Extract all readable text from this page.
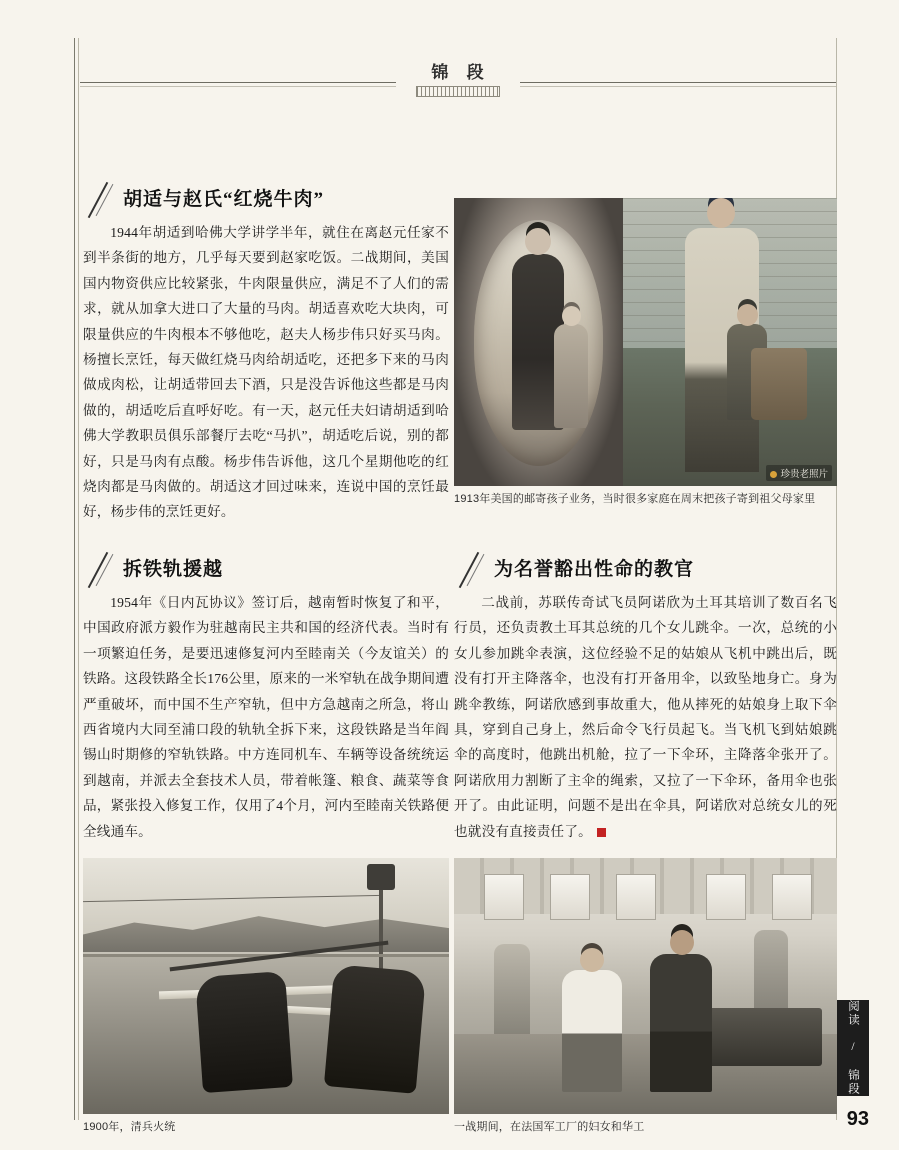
锦 段
胡适与赵氏“红烧牛肉”
1944年胡适到哈佛大学讲学半年，就住在离赵元任家不到半条街的地方，几乎每天要到赵家吃饭。二战期间，美国国内物资供应比较紧张，牛肉限量供应，满足不了人们的需求，就从加拿大进口了大量的马肉。胡适喜欢吃大块肉，可限量供应的牛肉根本不够他吃，赵夫人杨步伟只好买马肉。杨擅长烹饪，每天做红烧马肉给胡适吃，还把多下来的马肉做成肉松，让胡适带回去下酒，只是没告诉他这些都是马肉做的，胡适吃后直呼好吃。有一天，赵元任夫妇请胡适到哈佛大学教职员俱乐部餐厅去吃“马扒”，胡适吃后说，别的都好，只是马肉有点酸。杨步伟告诉他，这几个星期他吃的红烧肉都是马肉做的。胡适这才回过味来，连说中国的烹饪最好，杨步伟的烹饪更好。
珍贵老照片
1913年美国的邮寄孩子业务，当时很多家庭在周末把孩子寄到祖父母家里
拆铁轨援越
1954年《日内瓦协议》签订后，越南暂时恢复了和平，中国政府派方毅作为驻越南民主共和国的经济代表。当时有一项繁迫任务，是要迅速修复河内至睦南关（今友谊关）的铁路。这段铁路全长176公里，原来的一米窄轨在战争期间遭严重破坏，而中国不生产窄轨，但中方急越南之所急，将山西省境内大同至浦口段的轨轨全拆下来，这段铁路是当年阎锡山时期修的窄轨铁路。中方连同机车、车辆等设备统统运到越南，并派去全套技术人员，带着帐篷、粮食、蔬菜等食品，紧张投入修复工作，仅用了4个月，河内至睦南关铁路便全线通车。
为名誉豁出性命的教官
二战前，苏联传奇试飞员阿诺欣为土耳其培训了数百名飞行员，还负责教土耳其总统的几个女儿跳伞。一次，总统的小女儿参加跳伞表演，这位经验不足的姑娘从飞机中跳出后，既没有打开主降落伞，也没有打开备用伞，以致坠地身亡。身为跳伞教练，阿诺欣感到事故重大，他从摔死的姑娘身上取下伞具，穿到自己身上，然后命令飞行员起飞。当飞机飞到姑娘跳伞的高度时，他跳出机舱，拉了一下伞环，主降落伞张开了。阿诺欣用力割断了主伞的绳索，又拉了一下伞环，备用伞也张开了。由此证明，问题不是出在伞具，阿诺欣对总统女儿的死也就没有直接责任了。
1900年，清兵火统	一战期间，在法国军工厂的妇女和华工
阅读 / 锦段
93
